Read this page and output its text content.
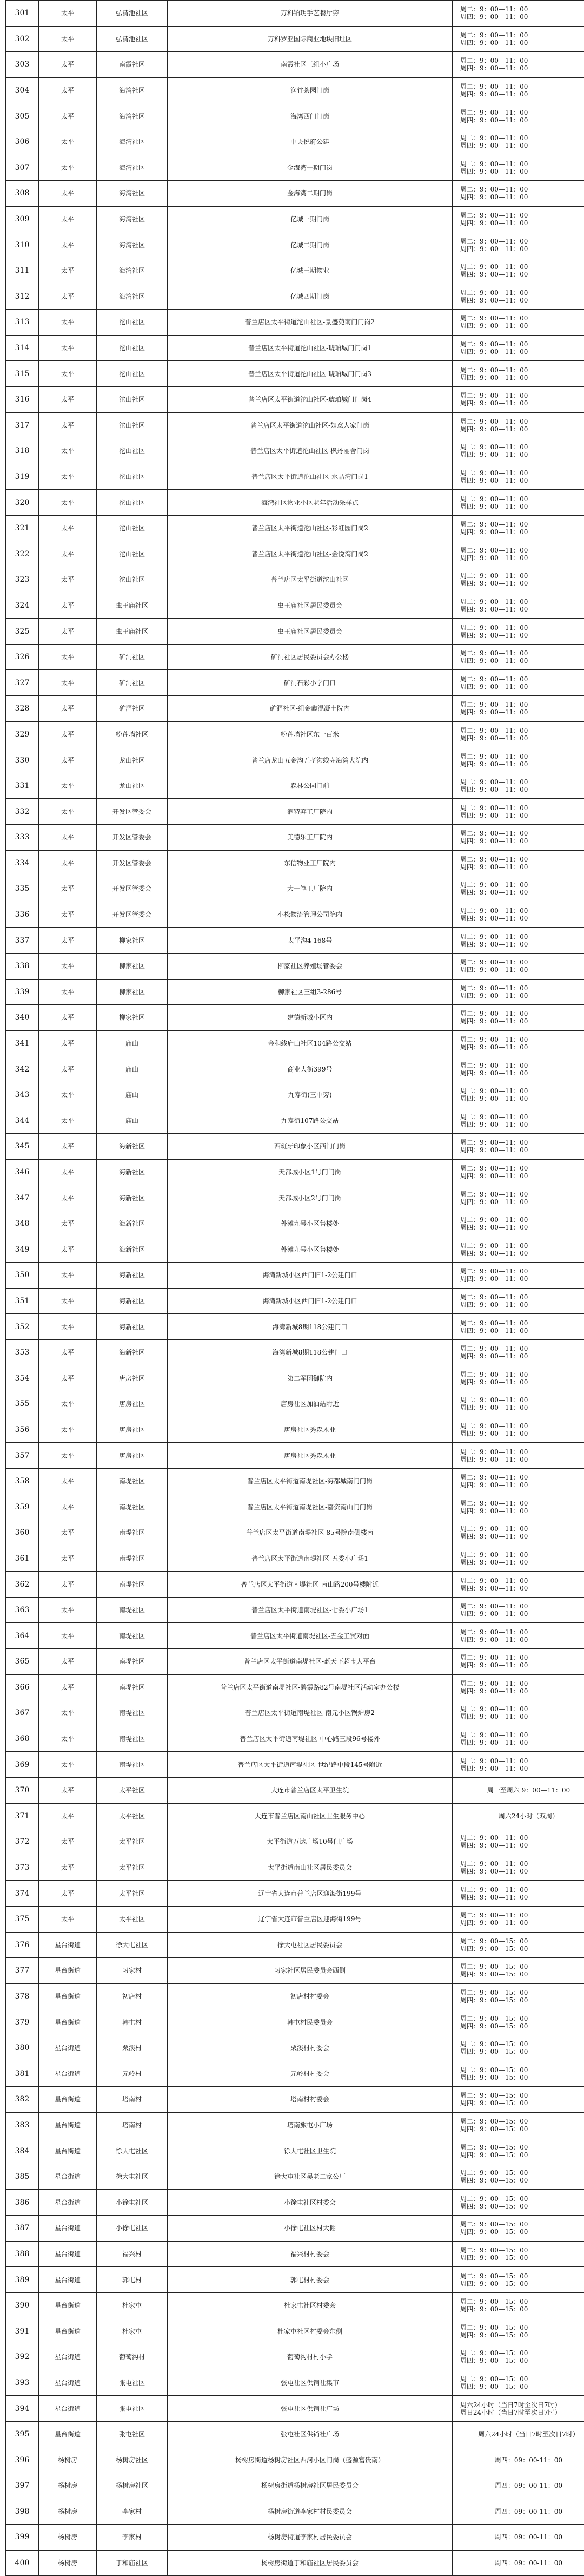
301	太平	弘清池社区	万科铂玥手艺餐厅旁	周二：9：00—11：00
周四：9：00—11：00
302	太平	弘清池社区	万科罗亚国际商业地块旧址区	周二：9：00—11：00
周四：9：00—11：00
303	太平	南霞社区	南霞社区三组小广场	周二：9：00—11：00
周四：9：00—11：00
304	太平	海湾社区	润竹茶园门岗	周二：9：00—11：00
周四：9：00—11：00
305	太平	海湾社区	海湾西门门岗	周二：9：00—11：00
周四：9：00—11：00
306	太平	海湾社区	中央悦府公建	周二：9：00—11：00
周四：9：00—11：00
307	太平	海湾社区	金海湾一期门岗	周二：9：00—11：00
周四：9：00—11：00
308	太平	海湾社区	金海湾二期门岗	周二：9：00—11：00
周四：9：00—11：00
309	太平	海湾社区	亿城一期门岗	周二：9：00—11：00
周四：9：00—11：00
310	太平	海湾社区	亿城二期门岗	周二：9：00—11：00
周四：9：00—11：00
311	太平	海湾社区	亿城三期物业	周二：9：00—11：00
周四：9：00—11：00
312	太平	海湾社区	亿城四期门岗	周二：9：00—11：00
周四：9：00—11：00
313	太平	沱山社区	普兰店区太平街道沱山社区-景盛苑南门门岗2	周二：9：00—11：00
周四：9：00—11：00
314	太平	沱山社区	普兰店区太平街道沱山社区-琥珀城门门岗1	周二：9：00—11：00
周四：9：00—11：00
315	太平	沱山社区	普兰店区太平街道沱山社区-琥珀城门门岗3	周二：9：00—11：00
周四：9：00—11：00
316	太平	沱山社区	普兰店区太平街道沱山社区-琥珀城门门岗4	周二：9：00—11：00
周四：9：00—11：00
317	太平	沱山社区	普兰店区太平街道沱山社区-如意人家门岗	周二：9：00—11：00
周四：9：00—11：00
318	太平	沱山社区	普兰店区太平街道沱山社区-枫丹丽舍门岗	周二：9：00—11：00
周四：9：00—11：00
319	太平	沱山社区	普兰店区太平街道沱山社区-水晶湾门岗1	周二：9：00—11：00
周四：9：00—11：00
320	太平	沱山社区	海湾社区物业小区老年活动采样点	周二：9：00—11：00
周四：9：00—11：00
321	太平	沱山社区	普兰店区太平街道沱山社区-彩虹园门岗2	周二：9：00—11：00
周四：9：00—11：00
322	太平	沱山社区	普兰店区太平街道沱山社区-金悦湾门岗2	周二：9：00—11：00
周四：9：00—11：00
323	太平	沱山社区	普兰店区太平街道沱山社区	周二：9：00—11：00
周四：9：00—11：00
324	太平	虫王庙社区	虫王庙社区居民委员会	周二：9：00—11：00
周四：9：00—11：00
325	太平	虫王庙社区	虫王庙社区居民委员会	周二：9：00—11：00
周四：9：00—11：00
326	太平	矿洞社区	矿洞社区居民委员会办公楼	周二：9：00—11：00
周四：9：00—11：00
327	太平	矿洞社区	矿洞石彩小学门口	周二：9：00—11：00
周四：9：00—11：00
328	太平	矿洞社区	矿洞社区-组金鑫混凝土院内	周二：9：00—11：00
周四：9：00—11：00
329	太平	粉莲墙社区	粉莲墙社区东一百米	周二：9：00—11：00
周四：9：00—11：00
330	太平	龙山社区	普兰店龙山五金沟五孝沟线寺海湾大院内	周二：9：00—11：00
周四：9：00—11：00
331	太平	龙山社区	森林公园门前	周二：9：00—11：00
周四：9：00—11：00
332	太平	开发区管委会	润特弃工厂院内	周二：9：00—11：00
周四：9：00—11：00
333	太平	开发区管委会	美德乐工厂院内	周二：9：00—11：00
周四：9：00—11：00
334	太平	开发区管委会	东信物业工厂院内	周二：9：00—11：00
周四：9：00—11：00
335	太平	开发区管委会	大一笔工厂院内	周二：9：00—11：00
周四：9：00—11：00
336	太平	开发区管委会	小松物流管理公司院内	周二：9：00—11：00
周四：9：00—11：00
337	太平	柳家社区	太平沟4-168号	周二：9：00—11：00
周四：9：00—11：00
338	太平	柳家社区	柳家社区养殖场管委会	周二：9：00—11：00
周四：9：00—11：00
339	太平	柳家社区	柳家社区三组3-286号	周二：9：00—11：00
周四：9：00—11：00
340	太平	柳家社区	建德新城小区内	周二：9：00—11：00
周四：9：00—11：00
341	太平	庙山	金和线庙山社区104路公交站	周二：9：00—11：00
周四：9：00—11：00
342	太平	庙山	商业大街399号	周二：9：00—11：00
周四：9：00—11：00
343	太平	庙山	九寿街(三中旁)	周二：9：00—11：00
周四：9：00—11：00
344	太平	庙山	九寿街107路公交站	周二：9：00—11：00
周四：9：00—11：00
345	太平	海新社区	西班牙印象小区西门门岗	周二：9：00—11：00
周四：9：00—11：00
346	太平	海新社区	天都城小区1号门门岗	周二：9：00—11：00
周四：9：00—11：00
347	太平	海新社区	天都城小区2号门门岗	周二：9：00—11：00
周四：9：00—11：00
348	太平	海新社区	外滩九号小区售楼处	周二：9：00—11：00
周四：9：00—11：00
349	太平	海新社区	外滩九号小区售楼处	周二：9：00—11：00
周四：9：00—11：00
350	太平	海新社区	海湾新城小区西门旧1-2公建门口	周二：9：00—11：00
周四：9：00—11：00
351	太平	海新社区	海湾新城小区西门旧1-2公建门口	周二：9：00—11：00
周四：9：00—11：00
352	太平	海新社区	海湾新城8期118公建门口	周二：9：00—11：00
周四：9：00—11：00
353	太平	海新社区	海湾新城8期118公建门口	周二：9：00—11：00
周四：9：00—11：00
354	太平	唐房社区	第二军团御院内	周二：9：00—11：00
周四：9：00—11：00
355	太平	唐房社区	唐房社区加油站附近	周二：9：00—11：00
周四：9：00—11：00
356	太平	唐房社区	唐房社区秀森木业	周二：9：00—11：00
周四：9：00—11：00
357	太平	唐房社区	唐房社区秀森木业	周二：9：00—11：00
周四：9：00—11：00
358	太平	南堤社区	普兰店区太平街道南堤社区-海都城南门门岗	周二：9：00—11：00
周四：9：00—11：00
359	太平	南堤社区	普兰店区太平街道南堤社区-嘉资南山门门岗	周二：9：00—11：00
周四：9：00—11：00
360	太平	南堤社区	普兰店区太平街道南堤社区-85号院南侧楼南	周二：9：00—11：00
周四：9：00—11：00
361	太平	南堤社区	普兰店区太平街道南堤社区-五委小广场1	周二：9：00—11：00
周四：9：00—11：00
362	太平	南堤社区	普兰店区太平街道南堤社区-南山路200号楼附近	周二：9：00—11：00
周四：9：00—11：00
363	太平	南堤社区	普兰店区太平街道南堤社区-七委小广场1	周二：9：00—11：00
周四：9：00—11：00
364	太平	南堤社区	普兰店区太平街道南堤社区-五金工贸对面	周二：9：00—11：00
周四：9：00—11：00
365	太平	南堤社区	普兰店区太平街道南堤社区-蓝天下超市大平台	周二：9：00—11：00
周四：9：00—11：00
366	太平	南堤社区	普兰店区太平街道南堤社区-碧霞路82号南堤社区活动室办公楼	周二：9：00—11：00
周四：9：00—11：00
367	太平	南堤社区	普兰店区太平街道南堤社区-南元小区锅炉房2	周二：9：00—11：00
周四：9：00—11：00
368	太平	南堤社区	普兰店区太平街道南堤社区-中心路三段96号楼外	周二：9：00—11：00
周四：9：00—11：00
369	太平	南堤社区	普兰店区太平街道南堤社区-世纪路中段145号附近	周二：9：00—11：00
周四：9：00—11：00
370	太平	太平社区	大连市普兰店区太平卫生院	周一至周六 9：00—11：00
371	太平	太平社区	大连市普兰店区南山社区卫生服务中心	周六24小时（双周）
372	太平	太平社区	太平街道万达广场10号门广场	周二：9：00—11：00
周四：9：00—11：00
373	太平	太平社区	太平街道南山社区居民委员会	周二：9：00—11：00
周四：9：00—11：00
374	太平	太平社区	辽宁省大连市普兰店区迎海街199号	周二：9：00—11：00
周四：9：00—11：00
375	太平	太平社区	辽宁省大连市普兰店区迎海街199号	周二：9：00—11：00
周四：9：00—11：00
376	星台街道	徐大屯社区	徐大屯社区居民委员会	周二：9：00—15：00
周四：9：00—15：00
377	星台街道	习家村	习家社区居民委员会西侧	周二：9：00—15：00
周四：9：00—15：00
378	星台街道	初店村	初店村村委会	周二：9：00—15：00
周四：9：00—15：00
379	星台街道	韩屯村	韩屯村民委员会	周二：9：00—15：00
周四：9：00—15：00
380	星台街道	栗溪村	栗溪村村委会	周二：9：00—15：00
周四：9：00—15：00
381	星台街道	元岭村	元岭村村委会	周二：9：00—15：00
周四：9：00—15：00
382	星台街道	塔南村	塔南村村委会	周二：9：00—15：00
周四：9：00—15：00
383	星台街道	塔南村	塔南旅屯小广场	周二：9：00—15：00
周四：9：00—15：00
384	星台街道	徐大屯社区	徐大屯社区卫生院	周二：9：00—15：00
周四：9：00—15：00
385	星台街道	徐大屯社区	徐大屯社区吴老二家公厂	周二：9：00—15：00
周四：9：00—15：00
386	星台街道	小徐屯社区	小徐屯社区村委会	周二：9：00—15：00
周四：9：00—15：00
387	星台街道	小徐屯社区	小徐屯社区村大棚	周二：9：00—15：00
周四：9：00—15：00
388	星台街道	福兴村	福兴村村委会	周二：9：00—15：00
周四：9：00—15：00
389	星台街道	郭屯村	郭屯村村委会	周二：9：00—15：00
周四：9：00—15：00
390	星台街道	杜家屯	杜家屯社区村委会	周二：9：00—15：00
周四：9：00—15：00
391	星台街道	杜家屯	杜家屯社区村委会东侧	周二：9：00—15：00
周四：9：00—15：00
392	星台街道	葡萄沟村	葡萄沟村村小学	周二：9：00—15：00
周四：9：00—15：00
393	星台街道	张屯社区	张屯社区供销社集市	周二：9：00—15：00
周四：9：00—15：00
394	星台街道	张屯社区	张屯社区供销社广场	周六24小时（当日7时至次日7时）
周日24小时（当日7时至次日7时）
395	星台街道	张屯社区	张屯社区供销社广场	周六24小时（当日7时至次日7时）
396	杨树房	杨树房社区	杨树房街道杨树房社区西河小区门岗（盛源富贵南）	周四：09：00-11：00
397	杨树房	杨树房社区	杨树房街道杨树房社区居民委员会	周四：09：00-11：00
398	杨树房	李家村	杨树房街道李家村村民委员会	周四：09：00-11：00
399	杨树房	李家村	杨树房街道李家村居民委员会	周四：09：00-11：00
400	杨树房	于和庙社区	杨树房街道于和庙社区居民委员会	周四：09：00-11：00
